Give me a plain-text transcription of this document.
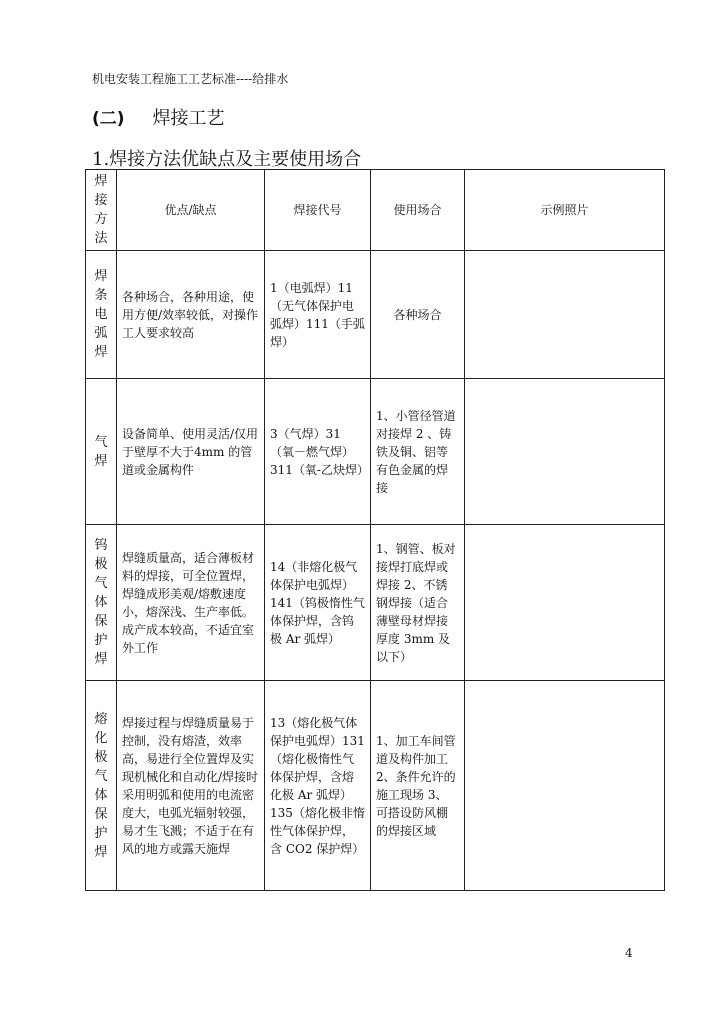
机电安装工程施工工艺标准----给排水
(二) 焊接工艺
1.焊接方法优缺点及主要使用场合
焊接方法	优点/缺点	焊接代号	使用场合	示例照片
焊条电弧焊	各种场合，各种用途，使用方便/效率较低，对操作工人要求较高	1（电弧焊）11（无气体保护电弧焊）111（手弧焊）	各种场合	
气焊	设备简单、使用灵活/仅用于壁厚不大于4mm 的管道或金属构件	3（气焊）31 （氧－燃气焊）311（氧-乙炔焊）	1、小管径管道对接焊 2 、铸铁及铜、铝等有色金属的焊接	
钨极气体保护焊	焊缝质量高，适合薄板材料的焊接，可全位置焊，焊缝成形美观/熔敷速度小，熔深浅、生产率低。成产成本较高，不适宜室外工作	14（非熔化极气体保护电弧焊）141（钨极惰性气体保护焊，含钨极 Ar 弧焊）	1、钢管、板对接焊打底焊或焊接 2、不锈钢焊接（适合薄壁母材焊接厚度 3mm 及以下）	
熔化极气体保护焊	焊接过程与焊缝质量易于控制，没有熔渣，效率高，易进行全位置焊及实现机械化和自动化/焊接时采用明弧和使用的电流密度大，电弧光辐射较强，易才生飞溅；不适于在有风的地方或露天施焊	13（熔化极气体保护电弧焊）131（熔化极惰性气体保护焊，含熔化极 Ar 弧焊）135（熔化极非惰性气体保护焊，含 CO2 保护焊）	1、加工车间管道及构件加工 2、条件允许的施工现场 3、可搭设防风棚的焊接区域	
4
